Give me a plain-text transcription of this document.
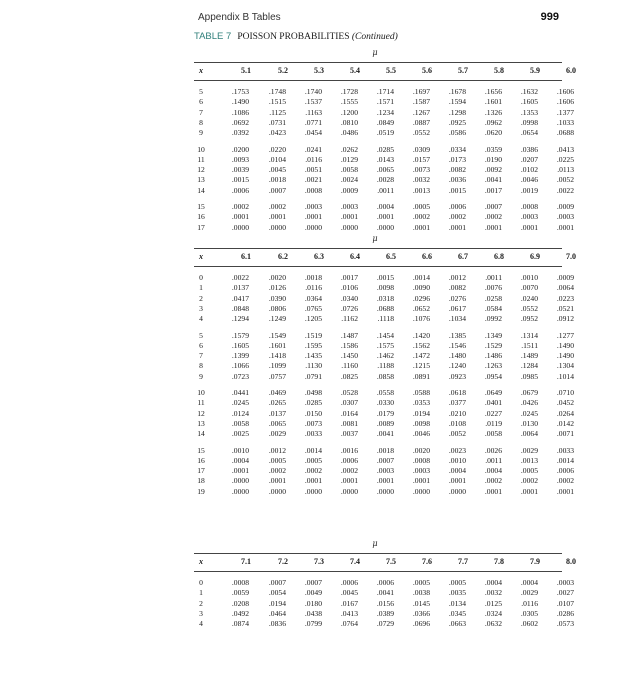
Appendix B Tables	999
TABLE 7 POISSON PROBABILITIES (Continued)
μ
x	5.1	5.2	5.3	5.4	5.5	5.6	5.7	5.8	5.9	6.0
5	.1753	.1748	.1740	.1728	.1714	.1697	.1678	.1656	.1632	.1606
6	.1490	.1515	.1537	.1555	.1571	.1587	.1594	.1601	.1605	.1606
7	.1086	.1125	.1163	.1200	.1234	.1267	.1298	.1326	.1353	.1377
8	.0692	.0731	.0771	.0810	.0849	.0887	.0925	.0962	.0998	.1033
9	.0392	.0423	.0454	.0486	.0519	.0552	.0586	.0620	.0654	.0688
10	.0200	.0220	.0241	.0262	.0285	.0309	.0334	.0359	.0386	.0413
11	.0093	.0104	.0116	.0129	.0143	.0157	.0173	.0190	.0207	.0225
12	.0039	.0045	.0051	.0058	.0065	.0073	.0082	.0092	.0102	.0113
13	.0015	.0018	.0021	.0024	.0028	.0032	.0036	.0041	.0046	.0052
14	.0006	.0007	.0008	.0009	.0011	.0013	.0015	.0017	.0019	.0022
15	.0002	.0002	.0003	.0003	.0004	.0005	.0006	.0007	.0008	.0009
16	.0001	.0001	.0001	.0001	.0001	.0002	.0002	.0002	.0003	.0003
17	.0000	.0000	.0000	.0000	.0000	.0001	.0001	.0001	.0001	.0001
μ
x	6.1	6.2	6.3	6.4	6.5	6.6	6.7	6.8	6.9	7.0
0	.0022	.0020	.0018	.0017	.0015	.0014	.0012	.0011	.0010	.0009
1	.0137	.0126	.0116	.0106	.0098	.0090	.0082	.0076	.0070	.0064
2	.0417	.0390	.0364	.0340	.0318	.0296	.0276	.0258	.0240	.0223
3	.0848	.0806	.0765	.0726	.0688	.0652	.0617	.0584	.0552	.0521
4	.1294	.1249	.1205	.1162	.1118	.1076	.1034	.0992	.0952	.0912
5	.1579	.1549	.1519	.1487	.1454	.1420	.1385	.1349	.1314	.1277
6	.1605	.1601	.1595	.1586	.1575	.1562	.1546	.1529	.1511	.1490
7	.1399	.1418	.1435	.1450	.1462	.1472	.1480	.1486	.1489	.1490
8	.1066	.1099	.1130	.1160	.1188	.1215	.1240	.1263	.1284	.1304
9	.0723	.0757	.0791	.0825	.0858	.0891	.0923	.0954	.0985	.1014
10	.0441	.0469	.0498	.0528	.0558	.0588	.0618	.0649	.0679	.0710
11	.0245	.0265	.0285	.0307	.0330	.0353	.0377	.0401	.0426	.0452
12	.0124	.0137	.0150	.0164	.0179	.0194	.0210	.0227	.0245	.0264
13	.0058	.0065	.0073	.0081	.0089	.0098	.0108	.0119	.0130	.0142
14	.0025	.0029	.0033	.0037	.0041	.0046	.0052	.0058	.0064	.0071
15	.0010	.0012	.0014	.0016	.0018	.0020	.0023	.0026	.0029	.0033
16	.0004	.0005	.0005	.0006	.0007	.0008	.0010	.0011	.0013	.0014
17	.0001	.0002	.0002	.0002	.0003	.0003	.0004	.0004	.0005	.0006
18	.0000	.0001	.0001	.0001	.0001	.0001	.0001	.0002	.0002	.0002
19	.0000	.0000	.0000	.0000	.0000	.0000	.0000	.0001	.0001	.0001
μ
x	7.1	7.2	7.3	7.4	7.5	7.6	7.7	7.8	7.9	8.0
0	.0008	.0007	.0007	.0006	.0006	.0005	.0005	.0004	.0004	.0003
1	.0059	.0054	.0049	.0045	.0041	.0038	.0035	.0032	.0029	.0027
2	.0208	.0194	.0180	.0167	.0156	.0145	.0134	.0125	.0116	.0107
3	.0492	.0464	.0438	.0413	.0389	.0366	.0345	.0324	.0305	.0286
4	.0874	.0836	.0799	.0764	.0729	.0696	.0663	.0632	.0602	.0573
